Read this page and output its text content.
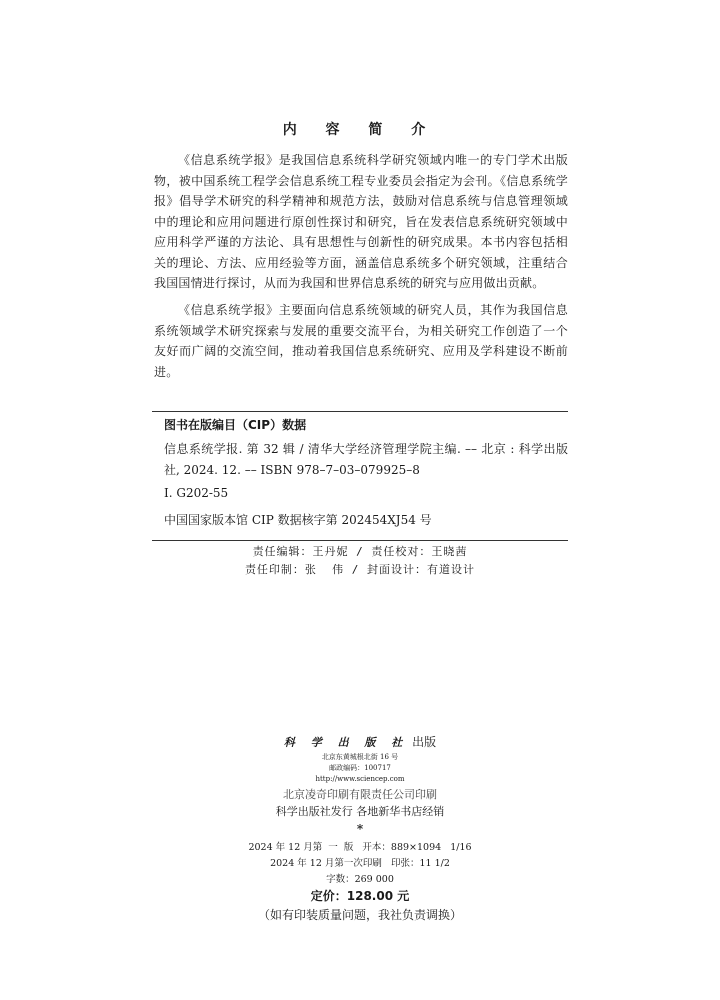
内 容 简 介

《信息系统学报》是我国信息系统科学研究领域内唯一的专门学术出版物，被中国系统工程学会信息系统工程专业委员会指定为会刊。《信息系统学报》倡导学术研究的科学精神和规范方法，鼓励对信息系统与信息管理领域中的理论和应用问题进行原创性探讨和研究，旨在发表信息系统研究领域中应用科学严谨的方法论、具有思想性与创新性的研究成果。本书内容包括相关的理论、方法、应用经验等方面，涵盖信息系统多个研究领域，注重结合我国国情进行探讨，从而为我国和世界信息系统的研究与应用做出贡献。

《信息系统学报》主要面向信息系统领域的研究人员，其作为我国信息系统领域学术研究探索与发展的重要交流平台，为相关研究工作创造了一个友好而广阔的交流空间，推动着我国信息系统研究、应用及学科建设不断前进。

图书在版编目（CIP）数据

信息系统学报. 第 32 辑 / 清华大学经济管理学院主编. –– 北京 : 科学出版社, 2024. 12. –– ISBN 978–7–03–079925–8

Ⅰ. G202-55
中国国家版本馆 CIP 数据核字第 202454XJ54 号
责任编辑：王丹妮 / 责任校对：王晓茜
责任印制：张  伟 / 封面设计：有道设计
科 学 出 版 社 出版
北京东黄城根北街 16 号
邮政编码：100717
http://www.sciencep.com
北京凌奇印刷有限责任公司印刷
科学出版社发行 各地新华书店经销
*
2024 年 12 月第  一  版   开本：889×1094   1/16
2024 年 12 月第一次印刷   印张：11 1/2
字数：269 000
定价：128.00 元
（如有印装质量问题，我社负责调换）
